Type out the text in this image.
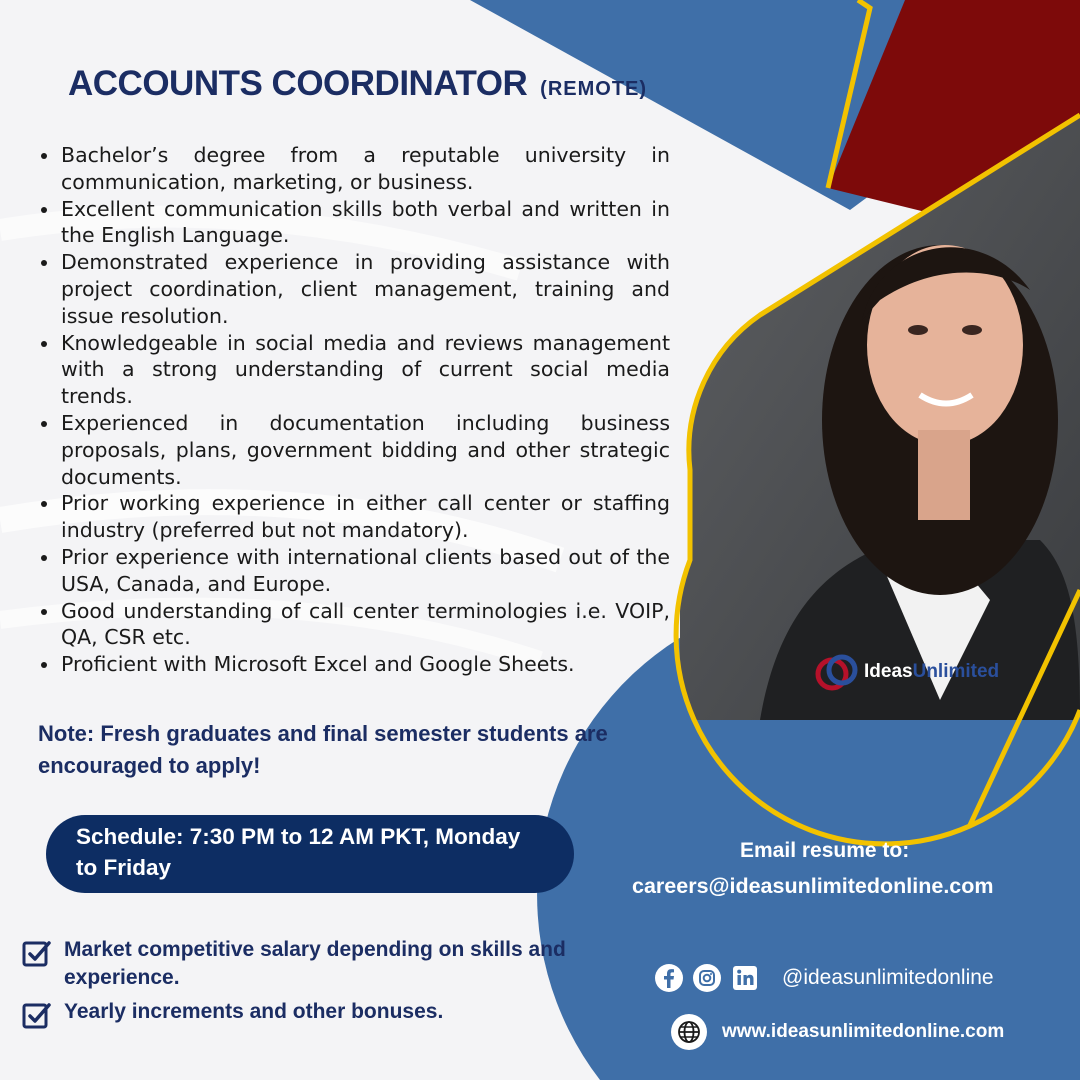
ACCOUNTS COORDINATOR (REMOTE)
Bachelor’s degree from a reputable university in communication, marketing, or business.
Excellent communication skills both verbal and written in the English Language.
Demonstrated experience in providing assistance with project coordination, client management, training and issue resolution.
Knowledgeable in social media and reviews management with a strong understanding of current social media trends.
Experienced in documentation including business proposals, plans, government bidding and other strategic documents.
Prior working experience in either call center or staffing industry (preferred but not mandatory).
Prior experience with international clients based out of the USA, Canada, and Europe.
Good understanding of call center terminologies i.e. VOIP, QA, CSR etc.
Proficient with Microsoft Excel and Google Sheets.

Note: Fresh graduates and final semester students are encouraged to apply!

Schedule: 7:30 PM to 12 AM PKT, Monday to Friday
Market competitive salary depending on skills and experience.
Yearly increments and other bonuses.
Email resume to:
careers@ideasunlimitedonline.com
@ideasunlimitedonline
www.ideasunlimitedonline.com
IdeasUnlimited
